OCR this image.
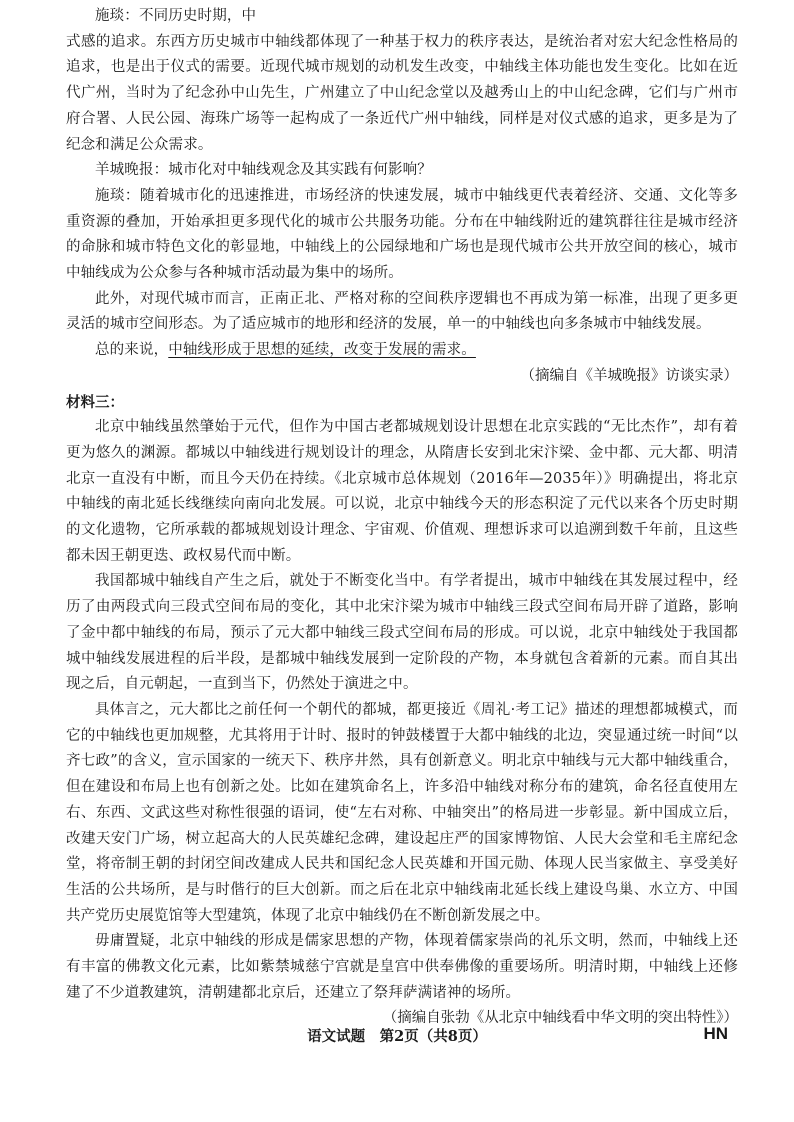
施琰：不同历史时期，中

式感的追求。东西方历史城市中轴线都体现了一种基于权力的秩序表达，是统治者对宏大纪念性格局的追求，也是出于仪式的需要。近现代城市规划的动机发生改变，中轴线主体功能也发生变化。比如在近代广州，当时为了纪念孙中山先生，广州建立了中山纪念堂以及越秀山上的中山纪念碑，它们与广州市府合署、人民公园、海珠广场等一起构成了一条近代广州中轴线，同样是对仪式感的追求，更多是为了纪念和满足公众需求。

羊城晚报：城市化对中轴线观念及其实践有何影响？

施琰：随着城市化的迅速推进，市场经济的快速发展，城市中轴线更代表着经济、交通、文化等多重资源的叠加，开始承担更多现代化的城市公共服务功能。分布在中轴线附近的建筑群往往是城市经济的命脉和城市特色文化的彰显地，中轴线上的公园绿地和广场也是现代城市公共开放空间的核心，城市中轴线成为公众参与各种城市活动最为集中的场所。

此外，对现代城市而言，正南正北、严格对称的空间秩序逻辑也不再成为第一标准，出现了更多更灵活的城市空间形态。为了适应城市的地形和经济的发展，单一的中轴线也向多条城市中轴线发展。

总的来说，中轴线形成于思想的延续，改变于发展的需求。

（摘编自《羊城晚报》访谈实录）

材料三：

北京中轴线虽然肇始于元代，但作为中国古老都城规划设计思想在北京实践的“无比杰作”，却有着更为悠久的渊源。都城以中轴线进行规划设计的理念，从隋唐长安到北宋汴梁、金中都、元大都、明清北京一直没有中断，而且今天仍在持续。《北京城市总体规划（2016年—2035年）》明确提出，将北京中轴线的南北延长线继续向南向北发展。可以说，北京中轴线今天的形态积淀了元代以来各个历史时期的文化遗物，它所承载的都城规划设计理念、宇宙观、价值观、理想诉求可以追溯到数千年前，且这些都未因王朝更迭、政权易代而中断。

我国都城中轴线自产生之后，就处于不断变化当中。有学者提出，城市中轴线在其发展过程中，经历了由两段式向三段式空间布局的变化，其中北宋汴梁为城市中轴线三段式空间布局开辟了道路，影响了金中都中轴线的布局，预示了元大都中轴线三段式空间布局的形成。可以说，北京中轴线处于我国都城中轴线发展进程的后半段，是都城中轴线发展到一定阶段的产物，本身就包含着新的元素。而自其出现之后，自元朝起，一直到当下，仍然处于演进之中。

具体言之，元大都比之前任何一个朝代的都城，都更接近《周礼·考工记》描述的理想都城模式，而它的中轴线也更加规整，尤其将用于计时、报时的钟鼓楼置于大都中轴线的北边，突显通过统一时间“以齐七政”的含义，宣示国家的一统天下、秩序井然，具有创新意义。明北京中轴线与元大都中轴线重合，但在建设和布局上也有创新之处。比如在建筑命名上，许多沿中轴线对称分布的建筑，命名径直使用左右、东西、文武这些对称性很强的语词，使“左右对称、中轴突出”的格局进一步彰显。新中国成立后，改建天安门广场，树立起高大的人民英雄纪念碑，建设起庄严的国家博物馆、人民大会堂和毛主席纪念堂，将帝制王朝的封闭空间改建成人民共和国纪念人民英雄和开国元勋、体现人民当家做主、享受美好生活的公共场所，是与时偕行的巨大创新。而之后在北京中轴线南北延长线上建设鸟巢、水立方、中国共产党历史展览馆等大型建筑，体现了北京中轴线仍在不断创新发展之中。

毋庸置疑，北京中轴线的形成是儒家思想的产物，体现着儒家崇尚的礼乐文明，然而，中轴线上还有丰富的佛教文化元素，比如紫禁城慈宁宫就是皇宫中供奉佛像的重要场所。明清时期，中轴线上还修建了不少道教建筑，清朝建都北京后，还建立了祭拜萨满诸神的场所。

（摘编自张勃《从北京中轴线看中华文明的突出特性》）

语文试题　第2页（共8页）	HN
